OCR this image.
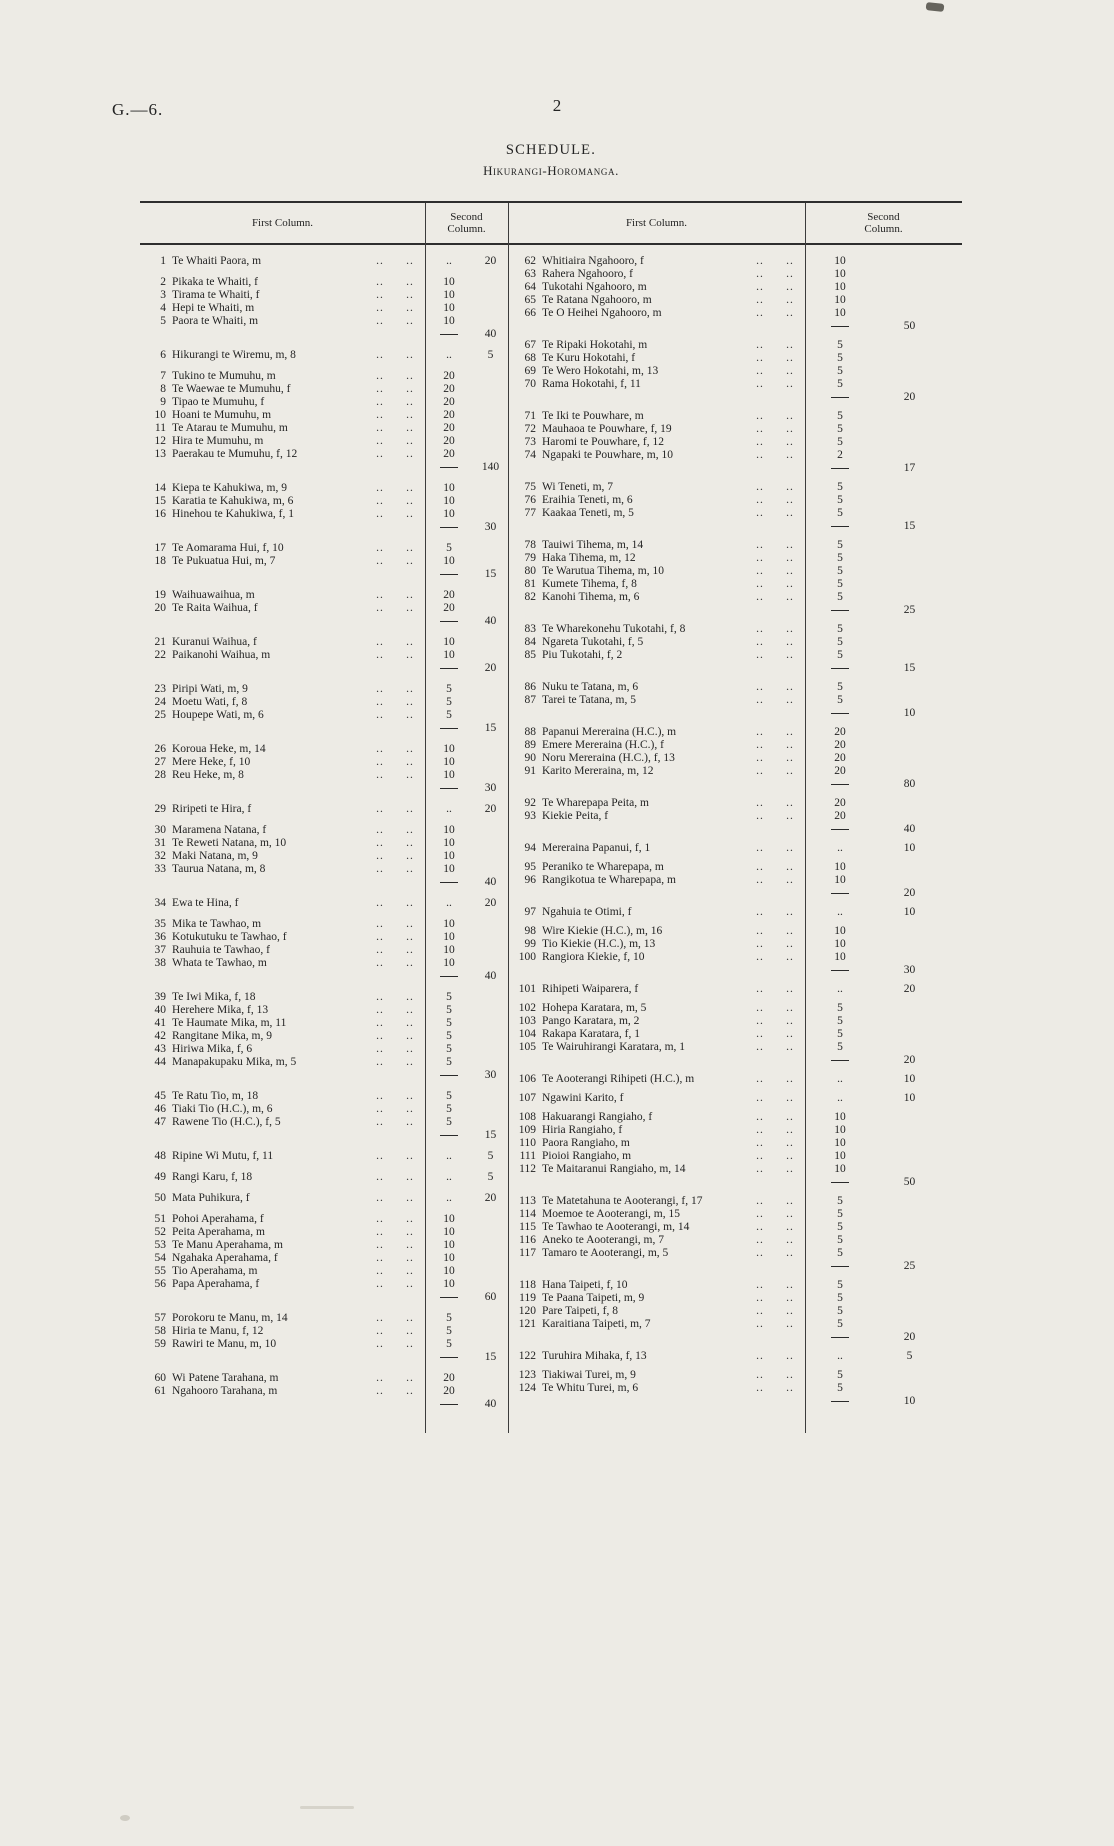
G.—6.	2
SCHEDULE.
Hikurangi-Horomanga.
First Column.	Second
Column.	First Column.	Second
Column.
1 Te Whaiti Paora, m	..	..	..	20
2 Pikaka te Whaiti, f	..	..	10
3 Tirama te Whaiti, f	..	..	10
4 Hepi te Whaiti, m	..	..	10
5 Paora te Whaiti, m	..	..	10
40
6 Hikurangi te Wiremu, m, 8	..	..	..	5
7 Tukino te Mumuhu, m	..	..	20
8 Te Waewae te Mumuhu, f	..	..	20
9 Tipao te Mumuhu, f	..	..	20
10 Hoani te Mumuhu, m	..	..	20
11 Te Atarau te Mumuhu, m	..	..	20
12 Hira te Mumuhu, m	..	..	20
13 Paerakau te Mumuhu, f, 12	..	..	20
140
14 Kiepa te Kahukiwa, m, 9	..	..	10
15 Karatia te Kahukiwa, m, 6	..	..	10
16 Hinehou te Kahukiwa, f, 1	..	..	10
30
17 Te Aomarama Hui, f, 10	..	..	5
18 Te Pukuatua Hui, m, 7	..	..	10
15
19 Waihuawaihua, m	..	..	20
20 Te Raita Waihua, f	..	..	20
40
21 Kuranui Waihua, f	..	..	10
22 Paikanohi Waihua, m	..	..	10
20
23 Piripi Wati, m, 9	..	..	5
24 Moetu Wati, f, 8	..	..	5
25 Houpepe Wati, m, 6	..	..	5
15
26 Koroua Heke, m, 14	..	..	10
27 Mere Heke, f, 10	..	..	10
28 Reu Heke, m, 8	..	..	10
30
29 Riripeti te Hira, f	..	..	..	20
30 Maramena Natana, f	..	..	10
31 Te Reweti Natana, m, 10	..	..	10
32 Maki Natana, m, 9	..	..	10
33 Taurua Natana, m, 8	..	..	10
40
34 Ewa te Hina, f	..	..	..	20
35 Mika te Tawhao, m	..	..	10
36 Kotukutuku te Tawhao, f	..	..	10
37 Rauhuia te Tawhao, f	..	..	10
38 Whata te Tawhao, m	..	..	10
40
39 Te Iwi Mika, f, 18	..	..	5
40 Herehere Mika, f, 13	..	..	5
41 Te Haumate Mika, m, 11	..	..	5
42 Rangitane Mika, m, 9	..	..	5
43 Hiriwa Mika, f, 6	..	..	5
44 Manapakupaku Mika, m, 5	..	..	5
30
45 Te Ratu Tio, m, 18	..	..	5
46 Tiaki Tio (H.C.), m, 6	..	..	5
47 Rawene Tio (H.C.), f, 5	..	..	5
15
48 Ripine Wi Mutu, f, 11	..	..	..	5
49 Rangi Karu, f, 18	..	..	..	5
50 Mata Puhikura, f	..	..	..	20
51 Pohoi Aperahama, f	..	..	10
52 Peita Aperahama, m	..	..	10
53 Te Manu Aperahama, m	..	..	10
54 Ngahaka Aperahama, f	..	..	10
55 Tio Aperahama, m	..	..	10
56 Papa Aperahama, f	..	..	10
60
57 Porokoru te Manu, m, 14	..	..	5
58 Hiria te Manu, f, 12	..	..	5
59 Rawiri te Manu, m, 10	..	..	5
15
60 Wi Patene Tarahana, m	..	..	20
61 Ngahooro Tarahana, m	..	..	20
40
62 Whitiaira Ngahooro, f	..	..	10
63 Rahera Ngahooro, f	..	..	10
64 Tukotahi Ngahooro, m	..	..	10
65 Te Ratana Ngahooro, m	..	..	10
66 Te O Heihei Ngahooro, m	..	..	10
50
67 Te Ripaki Hokotahi, m	..	..	5
68 Te Kuru Hokotahi, f	..	..	5
69 Te Wero Hokotahi, m, 13	..	..	5
70 Rama Hokotahi, f, 11	..	..	5
20
71 Te Iki te Pouwhare, m	..	..	5
72 Mauhaoa te Pouwhare, f, 19	..	..	5
73 Haromi te Pouwhare, f, 12	..	..	5
74 Ngapaki te Pouwhare, m, 10	..	..	2
17
75 Wi Teneti, m, 7	..	..	5
76 Eraihia Teneti, m, 6	..	..	5
77 Kaakaa Teneti, m, 5	..	..	5
15
78 Tauiwi Tihema, m, 14	..	..	5
79 Haka Tihema, m, 12	..	..	5
80 Te Warutua Tihema, m, 10	..	..	5
81 Kumete Tihema, f, 8	..	..	5
82 Kanohi Tihema, m, 6	..	..	5
25
83 Te Wharekonehu Tukotahi, f, 8	..	..	5
84 Ngareta Tukotahi, f, 5	..	..	5
85 Piu Tukotahi, f, 2	..	..	5
15
86 Nuku te Tatana, m, 6	..	..	5
87 Tarei te Tatana, m, 5	..	..	5
10
88 Papanui Mereraina (H.C.), m	..	..	20
89 Emere Mereraina (H.C.), f	..	..	20
90 Noru Mereraina (H.C.), f, 13	..	..	20
91 Karito Mereraina, m, 12	..	..	20
80
92 Te Wharepapa Peita, m	..	..	20
93 Kiekie Peita, f	..	..	20
40
94 Mereraina Papanui, f, 1	..	..	..	10
95 Peraniko te Wharepapa, m	..	..	10
96 Rangikotua te Wharepapa, m	..	..	10
20
97 Ngahuia te Otimi, f	..	..	..	10
98 Wire Kiekie (H.C.), m, 16	..	..	10
99 Tio Kiekie (H.C.), m, 13	..	..	10
100 Rangiora Kiekie, f, 10	..	..	10
30
101 Rihipeti Waiparera, f	..	..	..	20
102 Hohepa Karatara, m, 5	..	..	5
103 Pango Karatara, m, 2	..	..	5
104 Rakapa Karatara, f, 1	..	..	5
105 Te Wairuhirangi Karatara, m, 1	..	..	5
20
106 Te Aooterangi Rihipeti (H.C.), m	..	..	..	10
107 Ngawini Karito, f	..	..	..	10
108 Hakuarangi Rangiaho, f	..	..	10
109 Hiria Rangiaho, f	..	..	10
110 Paora Rangiaho, m	..	..	10
111 Pioioi Rangiaho, m	..	..	10
112 Te Maitaranui Rangiaho, m, 14	..	..	10
50
113 Te Matetahuna te Aooterangi, f, 17	..	..	5
114 Moemoe te Aooterangi, m, 15	..	..	5
115 Te Tawhao te Aooterangi, m, 14	..	..	5
116 Aneko te Aooterangi, m, 7	..	..	5
117 Tamaro te Aooterangi, m, 5	..	..	5
25
118 Hana Taipeti, f, 10	..	..	5
119 Te Paana Taipeti, m, 9	..	..	5
120 Pare Taipeti, f, 8	..	..	5
121 Karaitiana Taipeti, m, 7	..	..	5
20
122 Turuhira Mihaka, f, 13	..	..	..	5
123 Tiakiwai Turei, m, 9	..	..	5
124 Te Whitu Turei, m, 6	..	..	5
10
